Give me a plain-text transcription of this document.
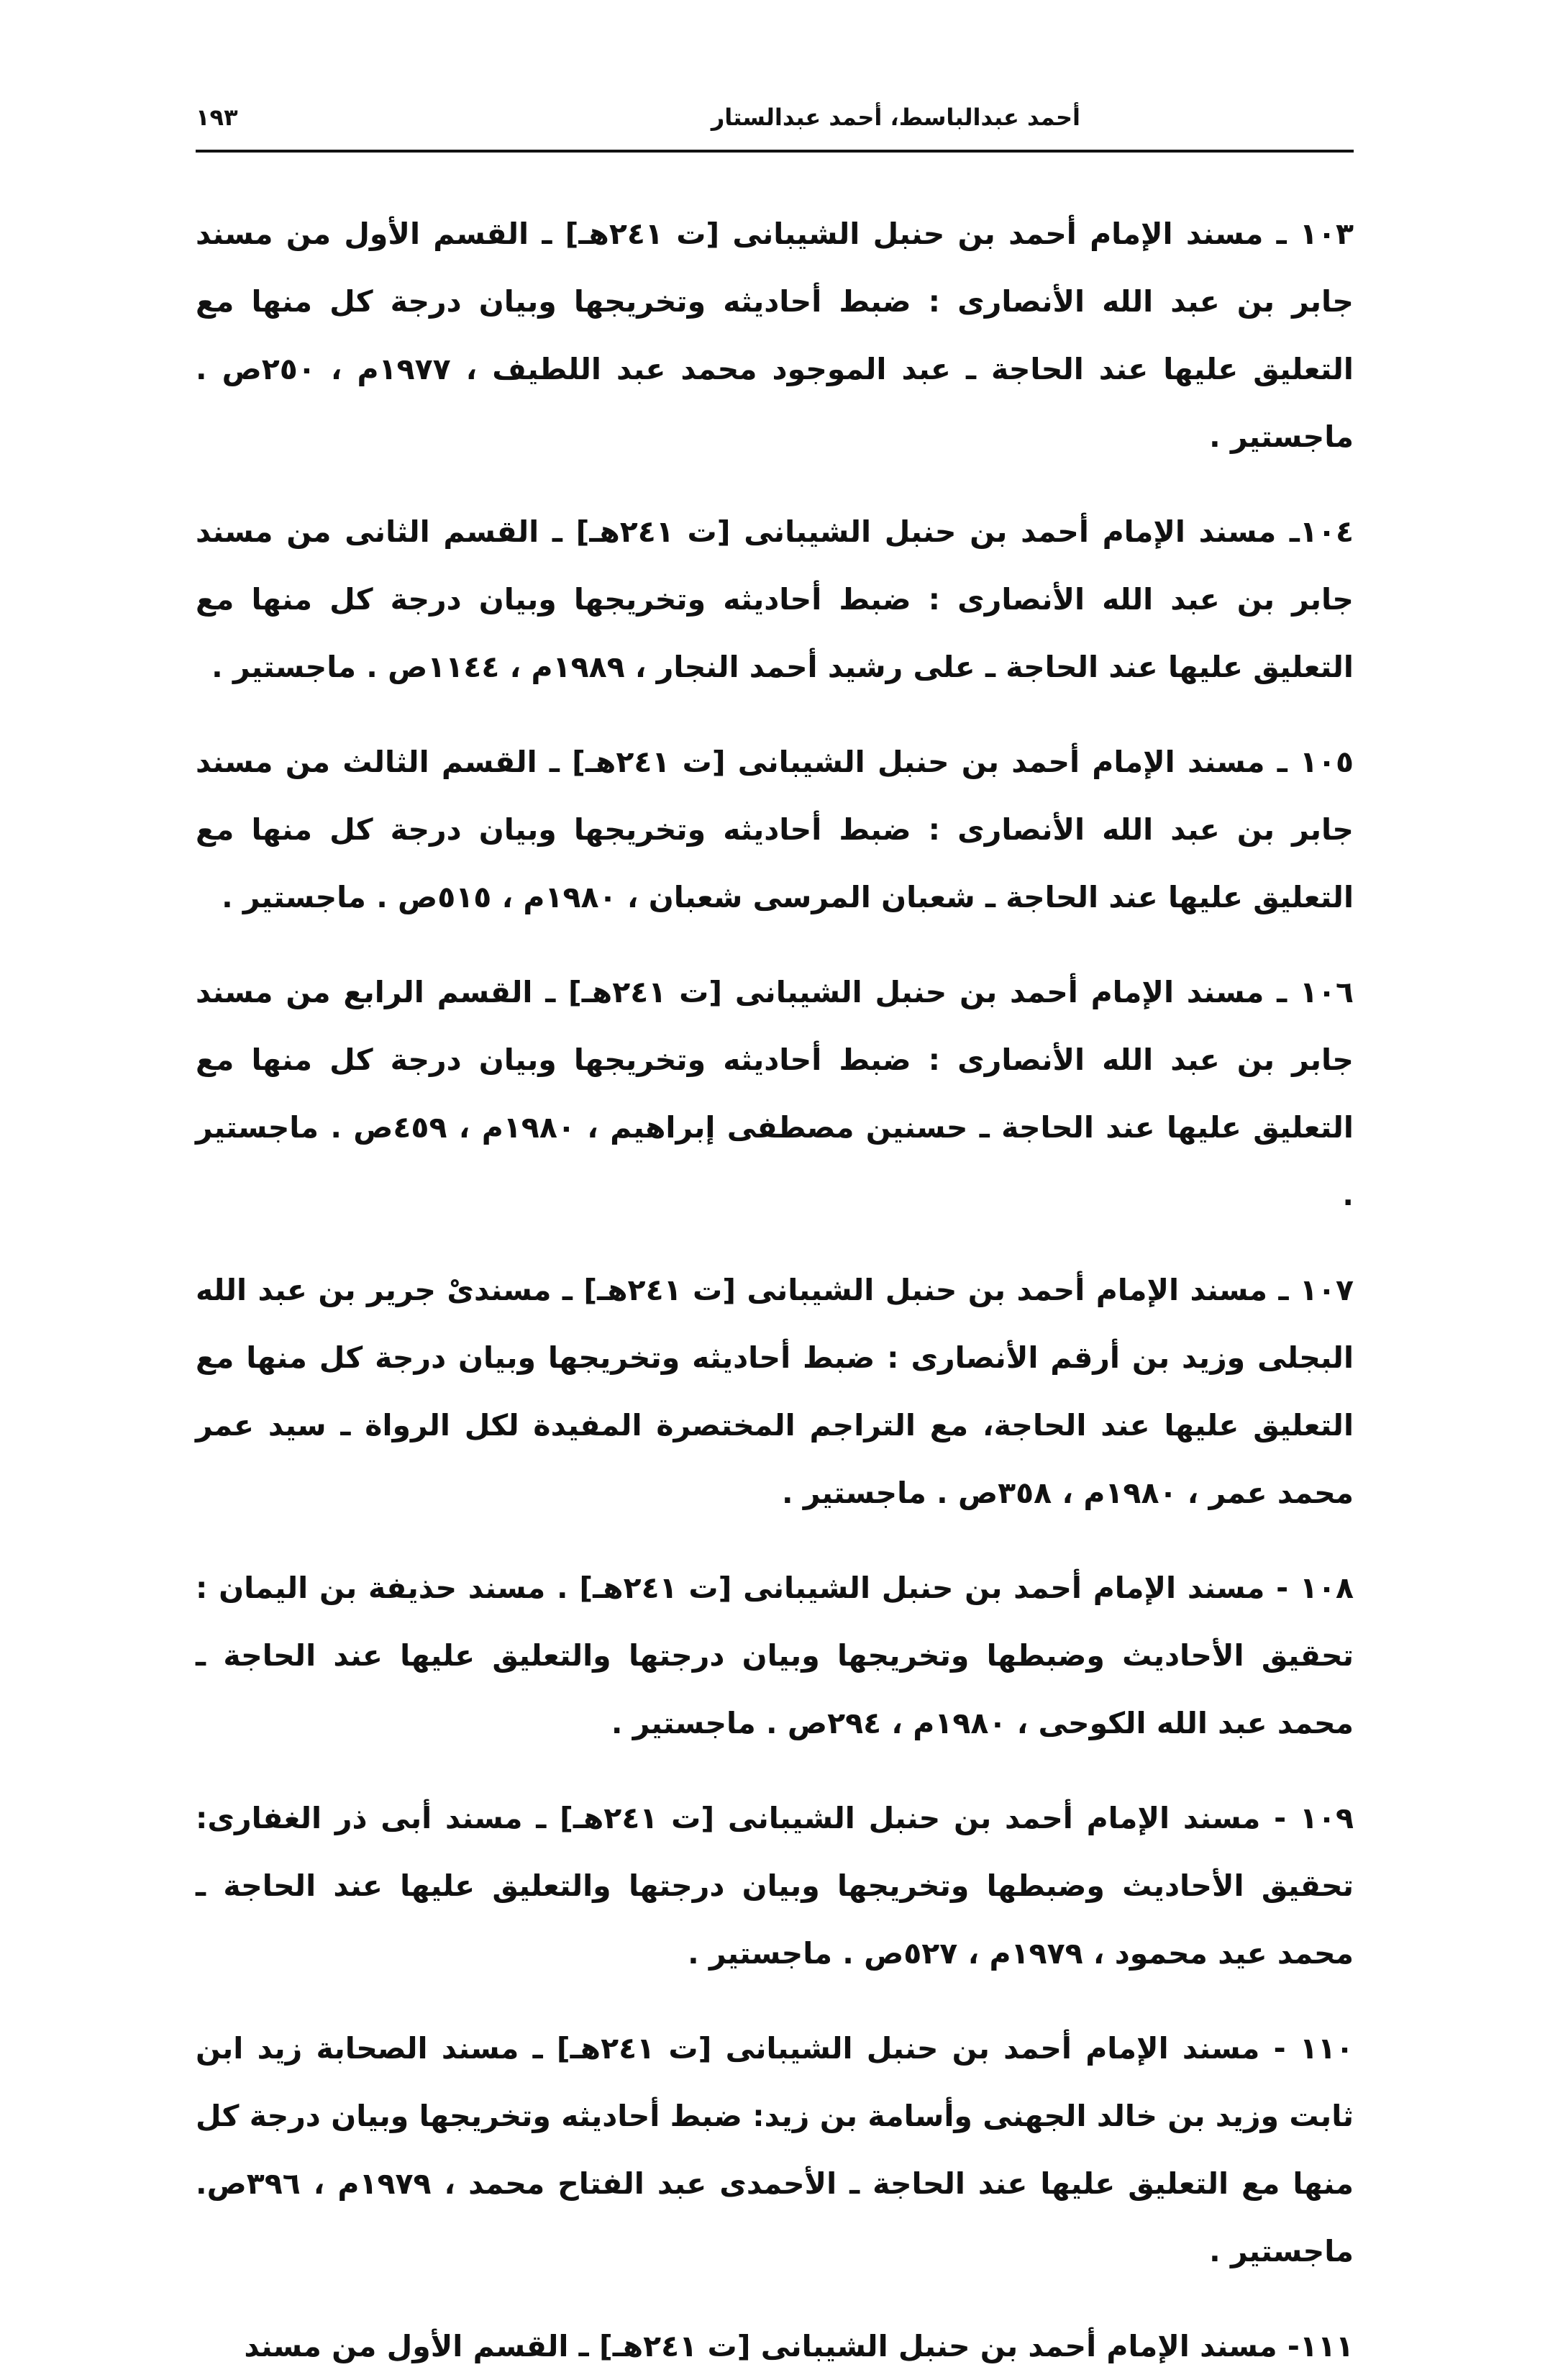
أحمد عبدالباسط، أحمد عبدالستار
١٩٣

١٠٣ ـ مسند الإمام أحمد بن حنبل الشيبانى [ت ٢٤١هـ] ـ القسم الأول من مسند جابر بن عبد الله الأنصارى : ضبط أحاديثه وتخريجها وبيان درجة كل منها مع التعليق عليها عند الحاجة ـ عبد الموجود محمد عبد اللطيف ، ١٩٧٧م ، ٢٥٠ص . ماجستير .

١٠٤ـ مسند الإمام أحمد بن حنبل الشيبانى [ت ٢٤١هـ] ـ القسم الثانى من مسند جابر بن عبد الله الأنصارى : ضبط أحاديثه وتخريجها وبيان درجة كل منها مع التعليق عليها عند الحاجة ـ على رشيد أحمد النجار ، ١٩٨٩م ، ١١٤٤ص . ماجستير .

١٠٥ ـ مسند الإمام أحمد بن حنبل الشيبانى [ت ٢٤١هـ] ـ القسم الثالث من مسند جابر بن عبد الله الأنصارى : ضبط أحاديثه وتخريجها وبيان درجة كل منها مع التعليق عليها عند الحاجة ـ شعبان المرسى شعبان ، ١٩٨٠م ، ٥١٥ص . ماجستير .

١٠٦ ـ مسند الإمام أحمد بن حنبل الشيبانى [ت ٢٤١هـ] ـ القسم الرابع من مسند جابر بن عبد الله الأنصارى : ضبط أحاديثه وتخريجها وبيان درجة كل منها مع التعليق عليها عند الحاجة ـ حسنين مصطفى إبراهيم ، ١٩٨٠م ، ٤٥٩ص . ماجستير .

١٠٧ ـ مسند الإمام أحمد بن حنبل الشيبانى [ت ٢٤١هـ] ـ مسندىْ جرير بن عبد الله البجلى وزيد بن أرقم الأنصارى : ضبط أحاديثه وتخريجها وبيان درجة كل منها مع التعليق عليها عند الحاجة، مع التراجم المختصرة المفيدة لكل الرواة ـ سيد عمر محمد عمر ، ١٩٨٠م ، ٣٥٨ص . ماجستير .

١٠٨ - مسند الإمام أحمد بن حنبل الشيبانى [ت ٢٤١هـ] . مسند حذيفة بن اليمان : تحقيق الأحاديث وضبطها وتخريجها وبيان درجتها والتعليق عليها عند الحاجة ـ محمد عبد الله الكوحى ، ١٩٨٠م ، ٢٩٤ص . ماجستير .

١٠٩ - مسند الإمام أحمد بن حنبل الشيبانى [ت ٢٤١هـ] ـ مسند أبى ذر الغفارى: تحقيق الأحاديث وضبطها وتخريجها وبيان درجتها والتعليق عليها عند الحاجة ـ محمد عيد محمود ، ١٩٧٩م ، ٥٢٧ص . ماجستير .

١١٠ - مسند الإمام أحمد بن حنبل الشيبانى [ت ٢٤١هـ] ـ مسند الصحابة زيد ابن ثابت وزيد بن خالد الجهنى وأسامة بن زيد: ضبط أحاديثه وتخريجها وبيان درجة كل منها مع التعليق عليها عند الحاجة ـ الأحمدى عبد الفتاح محمد ، ١٩٧٩م ، ٣٩٦ص. ماجستير .

١١١- مسند الإمام أحمد بن حنبل الشيبانى [ت ٢٤١هـ] ـ القسم الأول من مسند
